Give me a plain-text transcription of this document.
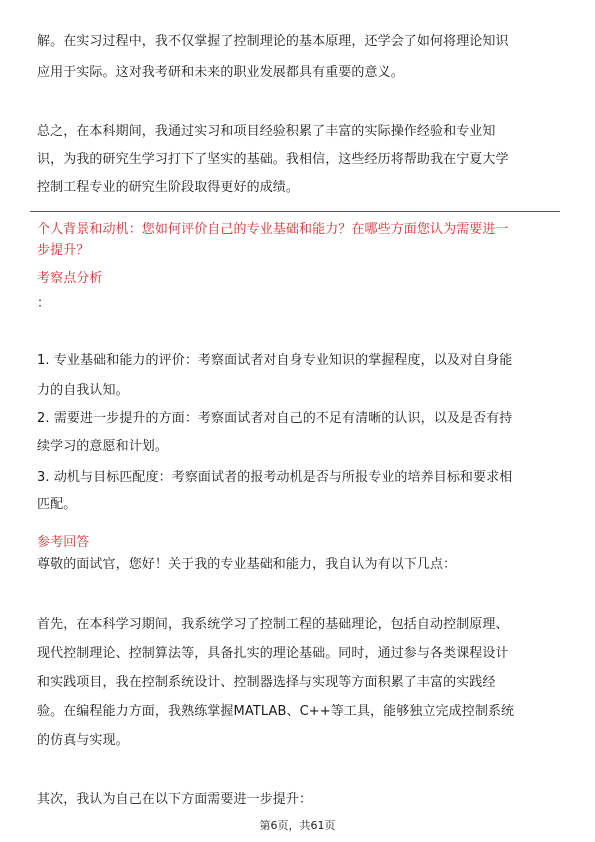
解。在实习过程中，我不仅掌握了控制理论的基本原理，还学会了如何将理论知识
应用于实际。这对我考研和未来的职业发展都具有重要的意义。
总之，在本科期间，我通过实习和项目经验积累了丰富的实际操作经验和专业知
识，为我的研究生学习打下了坚实的基础。我相信，这些经历将帮助我在宁夏大学
控制工程专业的研究生阶段取得更好的成绩。
个人背景和动机：您如何评价自己的专业基础和能力？在哪些方面您认为需要进一
步提升？
考察点分析
：
1. 专业基础和能力的评价：考察面试者对自身专业知识的掌握程度，以及对自身能
力的自我认知。
2. 需要进一步提升的方面：考察面试者对自己的不足有清晰的认识，以及是否有持
续学习的意愿和计划。
3. 动机与目标匹配度：考察面试者的报考动机是否与所报专业的培养目标和要求相
匹配。
参考回答
尊敬的面试官，您好！关于我的专业基础和能力，我自认为有以下几点：
首先，在本科学习期间，我系统学习了控制工程的基础理论，包括自动控制原理、
现代控制理论、控制算法等，具备扎实的理论基础。同时，通过参与各类课程设计
和实践项目，我在控制系统设计、控制器选择与实现等方面积累了丰富的实践经
验。在编程能力方面，我熟练掌握MATLAB、C++等工具，能够独立完成控制系统
的仿真与实现。
其次，我认为自己在以下方面需要进一步提升：
第6页，共61页
